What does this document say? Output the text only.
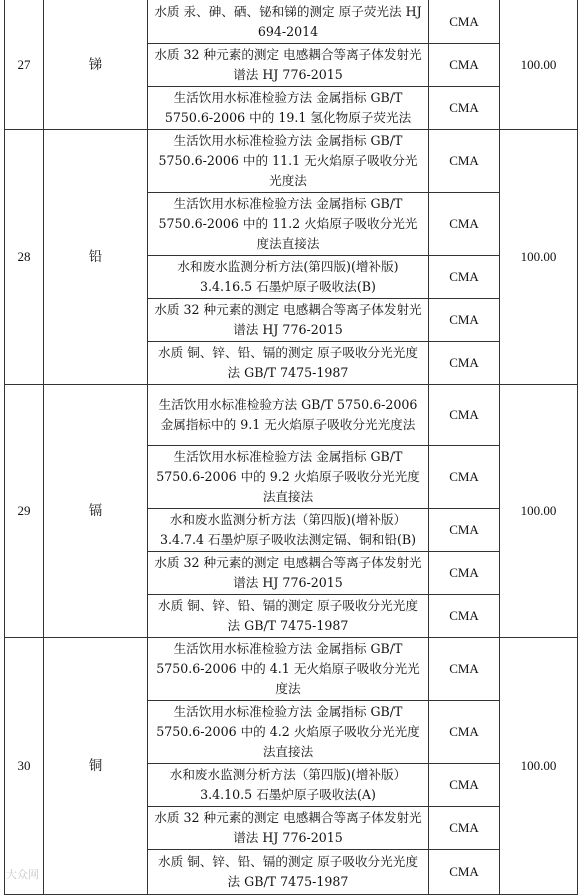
27	锑	水质 汞、砷、硒、铋和锑的测定 原子荧光法 HJ 694-2014	CMA	100.00
		水质 32 种元素的测定 电感耦合等离子体发射光谱法 HJ 776-2015	CMA	
		生活饮用水标准检验方法 金属指标 GB/T 5750.6-2006 中的 19.1 氢化物原子荧光法	CMA	
28	铅	生活饮用水标准检验方法 金属指标 GB/T 5750.6-2006 中的 11.1 无火焰原子吸收分光光度法	CMA	100.00
		生活饮用水标准检验方法 金属指标 GB/T 5750.6-2006 中的 11.2 火焰原子吸收分光光度法直接法	CMA	
		水和废水监测分析方法(第四版)(增补版) 3.4.16.5 石墨炉原子吸收法(B)	CMA	
		水质 32 种元素的测定 电感耦合等离子体发射光谱法 HJ 776-2015	CMA	
		水质 铜、锌、铅、镉的测定 原子吸收分光光度法 GB/T 7475-1987	CMA	
29	镉	生活饮用水标准检验方法 GB/T 5750.6-2006 金属指标中的 9.1 无火焰原子吸收分光光度法	CMA	100.00
		生活饮用水标准检验方法 金属指标 GB/T 5750.6-2006 中的 9.2 火焰原子吸收分光光度法直接法	CMA	
		水和废水监测分析方法（第四版)(增补版） 3.4.7.4 石墨炉原子吸收法测定镉、铜和铅(B)	CMA	
		水质 32 种元素的测定 电感耦合等离子体发射光谱法 HJ 776-2015	CMA	
		水质 铜、锌、铅、镉的测定 原子吸收分光光度法 GB/T 7475-1987	CMA	
30	铜	生活饮用水标准检验方法 金属指标 GB/T 5750.6-2006 中的 4.1 无火焰原子吸收分光光度法	CMA	100.00
		生活饮用水标准检验方法 金属指标 GB/T 5750.6-2006 中的 4.2 火焰原子吸收分光光度法直接法	CMA	
		水和废水监测分析方法（第四版)(增补版） 3.4.10.5 石墨炉原子吸收法(A)	CMA	
		水质 32 种元素的测定 电感耦合等离子体发射光谱法 HJ 776-2015	CMA	
		水质 铜、锌、铅、镉的测定 原子吸收分光光度法 GB/T 7475-1987	CMA	
大众网
